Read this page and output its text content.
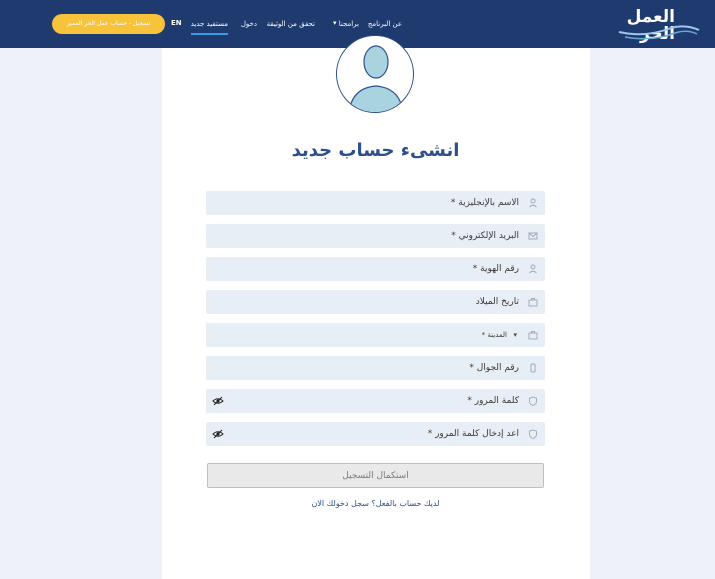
العمل الحر
عن البرنامج
برامجنا
▾
تحقق من الوثيقة
دخول
مستفيد جديد
EN
تسجيل - حساب عمل الحر المميز
انشىء حساب جديد
الاسم بالإنجليزية *
البريد الإلكتروني *
رقم الهوية *
تاريخ الميلاد
▾
المدينة *
رقم الجوال *
كلمة المرور *
اعد إدخال كلمة المرور *
استكمال التسجيل
لديك حساب بالفعل؟ سجل دخولك الان
